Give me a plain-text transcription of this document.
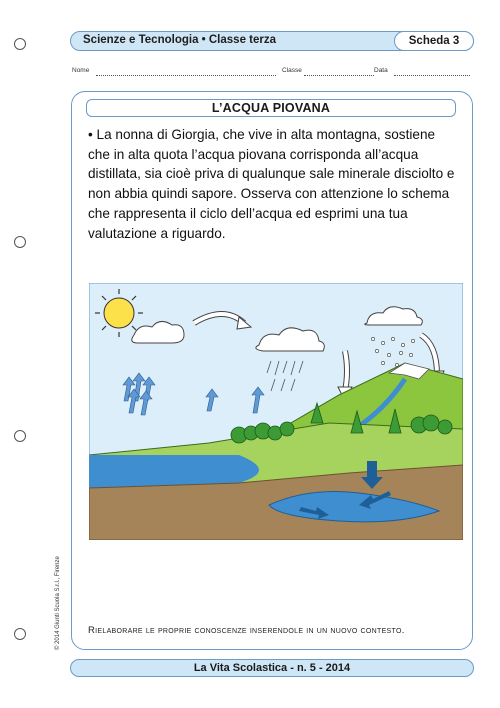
Scienze e Tecnologia • Classe terza	Scheda 3
Nome	Classe	Data
L’ACQUA PIOVANA
• La nonna di Giorgia, che vive in alta montagna, sostiene che in alta quota l’acqua piovana corrisponda all’acqua distillata, sia cioè priva di qualunque sale minerale disciolto e non abbia quindi sapore. Osserva con attenzione lo schema che rappresenta il ciclo dell’acqua ed esprimi una tua valutazione a riguardo.
Rielaborare le proprie conoscenze inserendole in un nuovo contesto.
© 2014 Giunti Scuola S.r.l., Firenze
La Vita Scolastica - n. 5 - 2014
